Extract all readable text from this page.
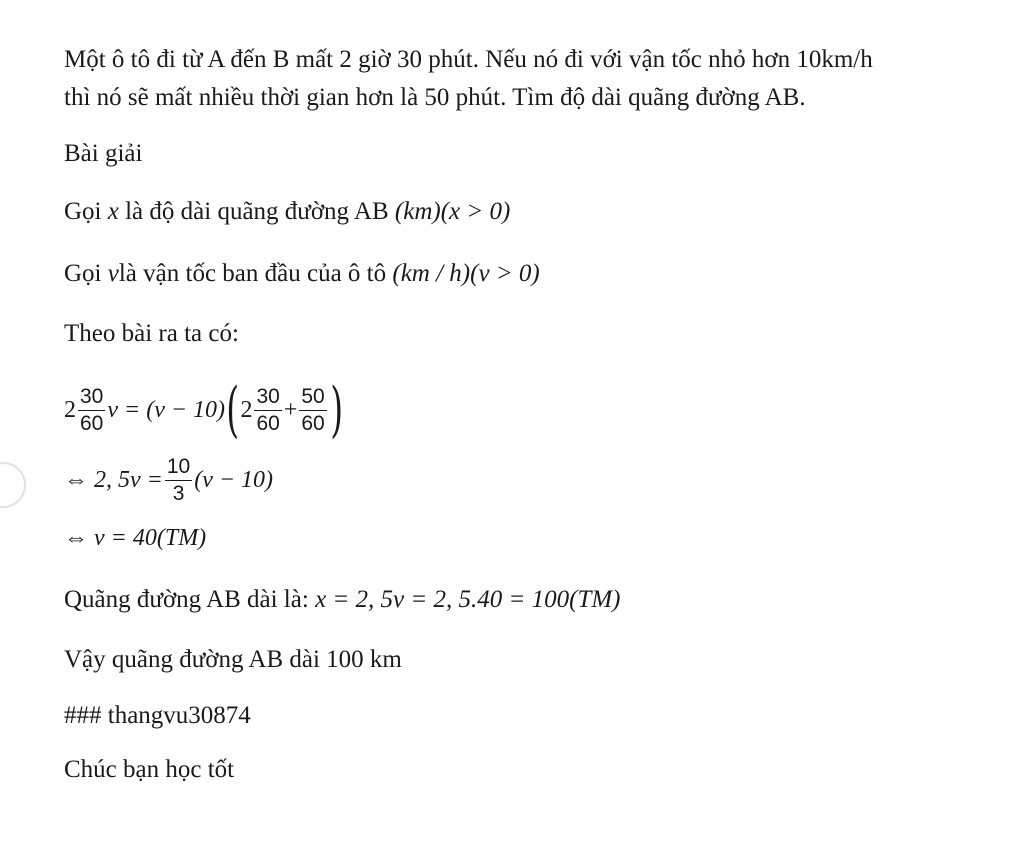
Một ô tô đi từ A đến B mất 2 giờ 30 phút. Nếu nó đi với vận tốc nhỏ hơn 10km/h
thì nó sẽ mất nhiều thời gian hơn là 50 phút. Tìm độ dài quãng đường AB.
Bài giải
Gọi x là độ dài quãng đường AB (km)(x > 0)
Gọi vlà vận tốc ban đầu của ô tô (km / h)(v > 0)
Theo bài ra ta có:
$2 \frac{30}{60}$ v = (v − 10) ( $2 \frac{30}{60} + \frac{50}{60}$ )
⇔ 2, $5v = \frac{10}{3} (v - 10)$
⇔ v = 40(TM)
Quãng đường AB dài là: x = 2, 5v = 2, 5.40 = 100(TM)
Vậy quãng đường AB dài 100 km
### thangvu30874
Chúc bạn học tốt
